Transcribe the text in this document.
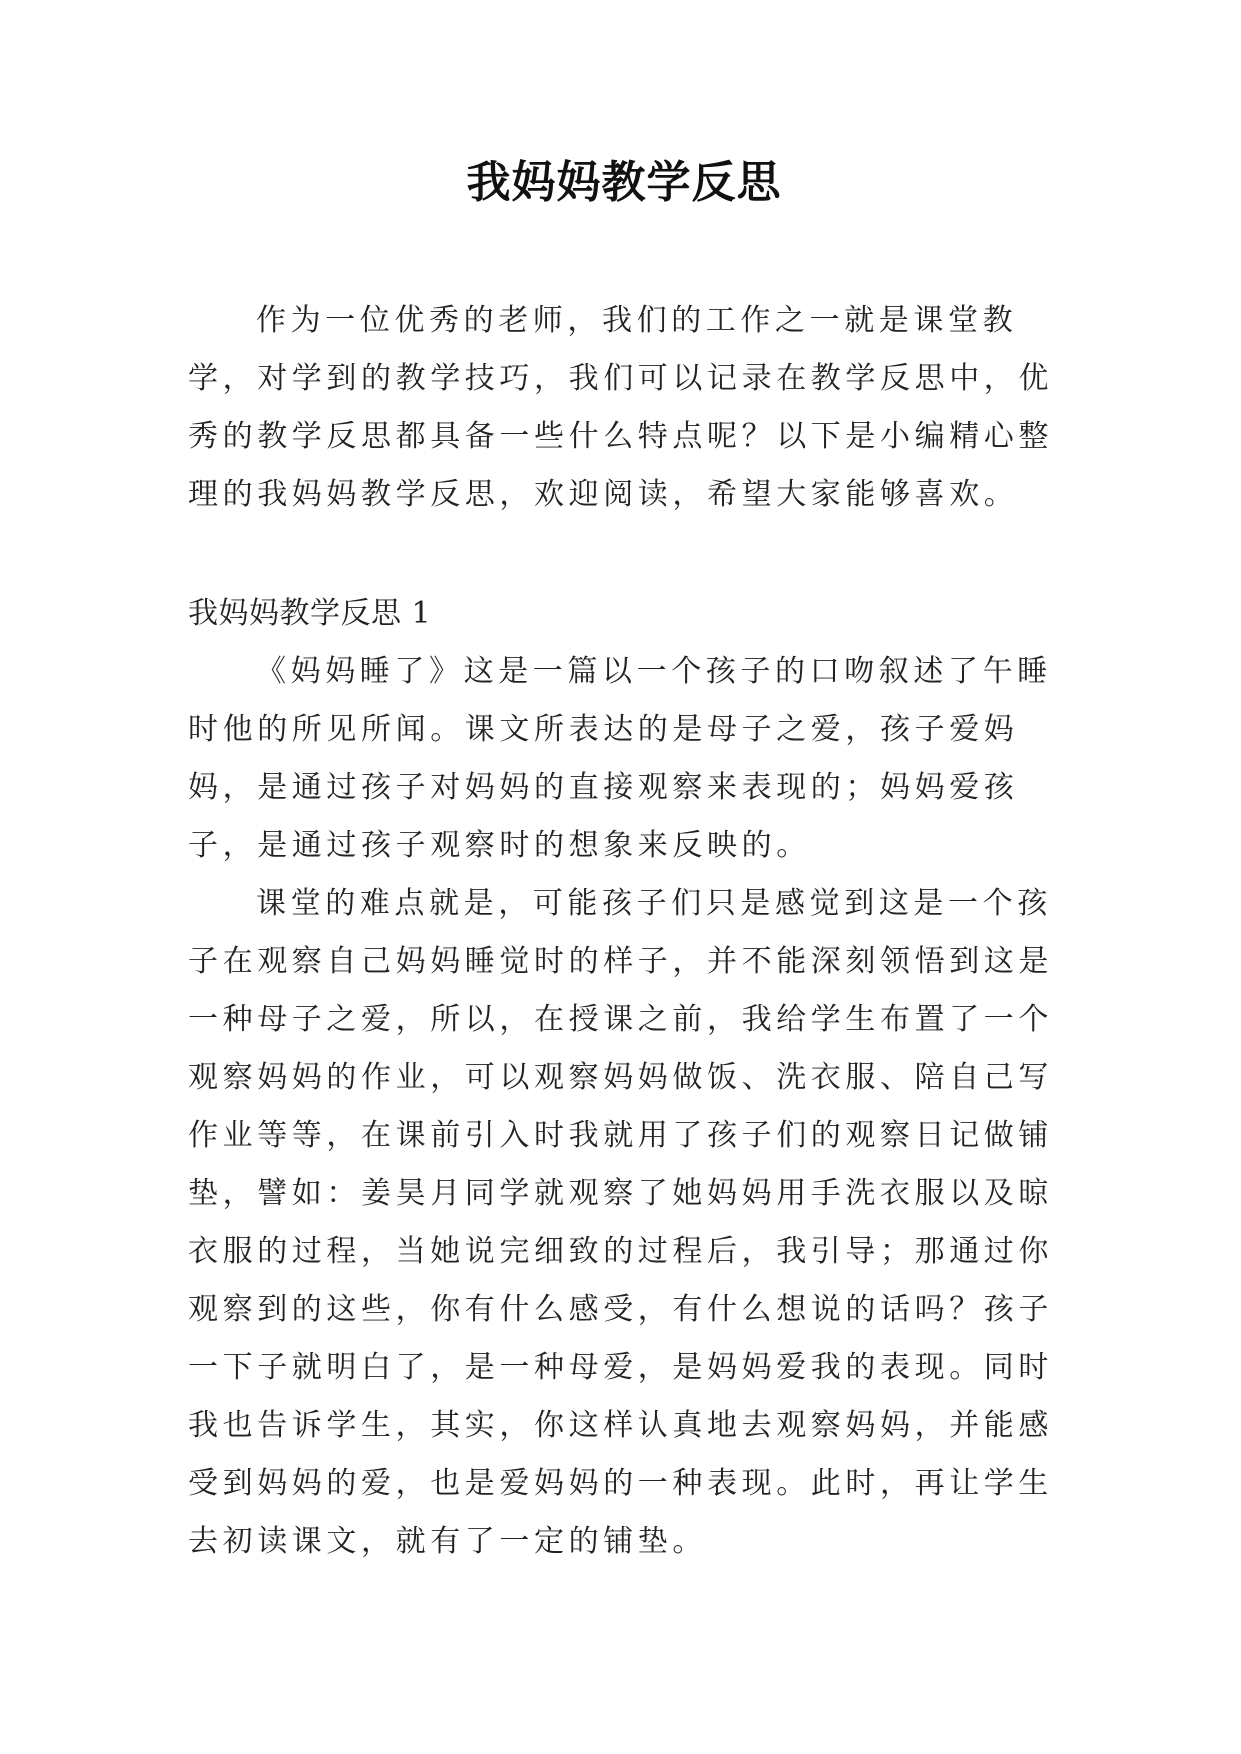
我妈妈教学反思

作为一位优秀的老师，我们的工作之一就是课堂教学，对学到的教学技巧，我们可以记录在教学反思中，优秀的教学反思都具备一些什么特点呢？以下是小编精心整理的我妈妈教学反思，欢迎阅读，希望大家能够喜欢。

我妈妈教学反思 1

《妈妈睡了》这是一篇以一个孩子的口吻叙述了午睡时他的所见所闻。课文所表达的是母子之爱，孩子爱妈妈，是通过孩子对妈妈的直接观察来表现的；妈妈爱孩子，是通过孩子观察时的想象来反映的。

课堂的难点就是，可能孩子们只是感觉到这是一个孩子在观察自己妈妈睡觉时的样子，并不能深刻领悟到这是一种母子之爱，所以，在授课之前，我给学生布置了一个观察妈妈的作业，可以观察妈妈做饭、洗衣服、陪自己写作业等等，在课前引入时我就用了孩子们的观察日记做铺垫，譬如：姜昊月同学就观察了她妈妈用手洗衣服以及晾衣服的过程，当她说完细致的过程后，我引导；那通过你观察到的这些，你有什么感受，有什么想说的话吗？孩子一下子就明白了，是一种母爱，是妈妈爱我的表现。同时我也告诉学生，其实，你这样认真地去观察妈妈，并能感受到妈妈的爱，也是爱妈妈的一种表现。此时，再让学生去初读课文，就有了一定的铺垫。
